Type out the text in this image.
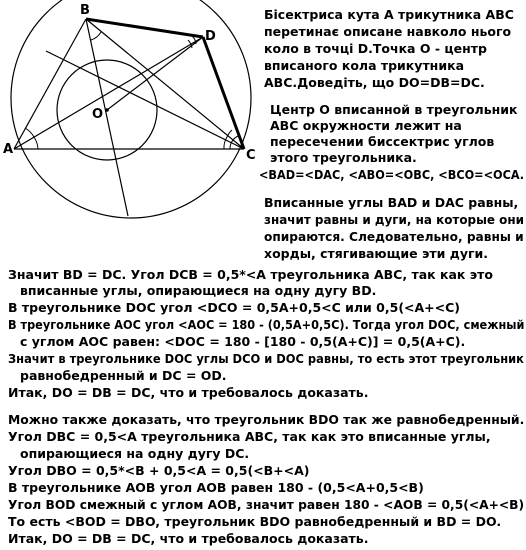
A
B
C
D
O
Бісектриса кута А трикутника АВС
перетинає описане навколо нього
коло в точці D.Точка О - центр
вписаного кола трикутника
ABC.Доведіть, що DO=DB=DC.
Центр О вписанной в треугольник
АВС окружности лежит на
пересечении биссектрис углов
этого треугольника.
<BAD=<DAC, <ABO=<OBC, <BCO=<OCA.
Вписанные углы BAD и DAC равны,
значит равны и дуги, на которые они
опираются. Следовательно, равны и
хорды, стягивающие эти дуги.
Значит BD = DC. Угол DCB = 0,5*<A треугольника АВС, так как это
вписанные углы, опирающиеся на одну дугу BD.
В треугольнике DOC угол <DCO = 0,5A+0,5<C или 0,5(<A+<C)
В треугольнике АОС угол <AOC = 180 - (0,5A+0,5C). Тогда угол DOC, смежный
с углом АОС равен: <DOC = 180 - [180 - 0,5(A+C)] = 0,5(A+C).
Значит в треугольнике DOC углы DCO и DOC равны, то есть этот треугольник
равнобедренный и DC = OD.
Итак, DO = DB = DC, что и требовалось доказать.
Можно также доказать, что треугольник BDO так же равнобедренный.
Угол DBC = 0,5<A треугольника АВС, так как это вписанные углы,
опирающиеся на одну дугу DC.
Угол DBO = 0,5*<B + 0,5<A = 0,5(<B+<A)
В треугольнике АОВ угол АОВ равен 180 - (0,5<A+0,5<B)
Угол BOD смежный с углом АОВ, значит равен 180 - <AOB = 0,5(<A+<B)
То есть <BOD = DBO, треугольник BDO равнобедренный и BD = DO.
Итак, DO = DB = DC, что и требовалось доказать.
